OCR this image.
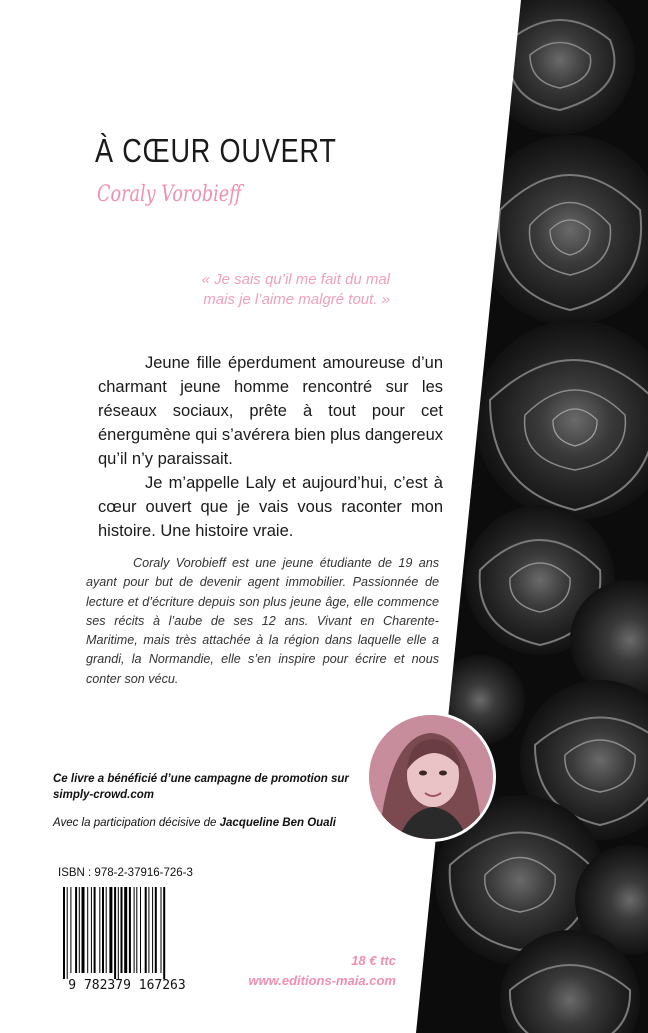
À CŒUR OUVERT
Coraly Vorobieff
« Je sais qu’il me fait du mal
mais je l’aime malgré tout. »

Jeune fille éperdument amoureuse d’un charmant jeune homme rencontré sur les réseaux sociaux, prête à tout pour cet énergumène qui s’avérera bien plus dangereux qu’il n’y paraissait.

Je m’appelle Laly et aujourd’hui, c’est à cœur ouvert que je vais vous raconter mon histoire. Une histoire vraie.

Coraly Vorobieff est une jeune étudiante de 19 ans ayant pour but de devenir agent immobilier. Passionnée de lecture et d’écriture depuis son plus jeune âge, elle commence ses récits à l’aube de ses 12 ans. Vivant en Charente-Maritime, mais très attachée à la région dans laquelle elle a grandi, la Normandie, elle s’en inspire pour écrire et nous conter son vécu.

Ce livre a bénéficié d’une campagne de promotion sur simply-crowd.com
Avec la participation décisive de Jacqueline Ben Ouali
ISBN : 978-2-37916-726-3
9 782379 167263
18 € ttc
www.editions-maia.com
